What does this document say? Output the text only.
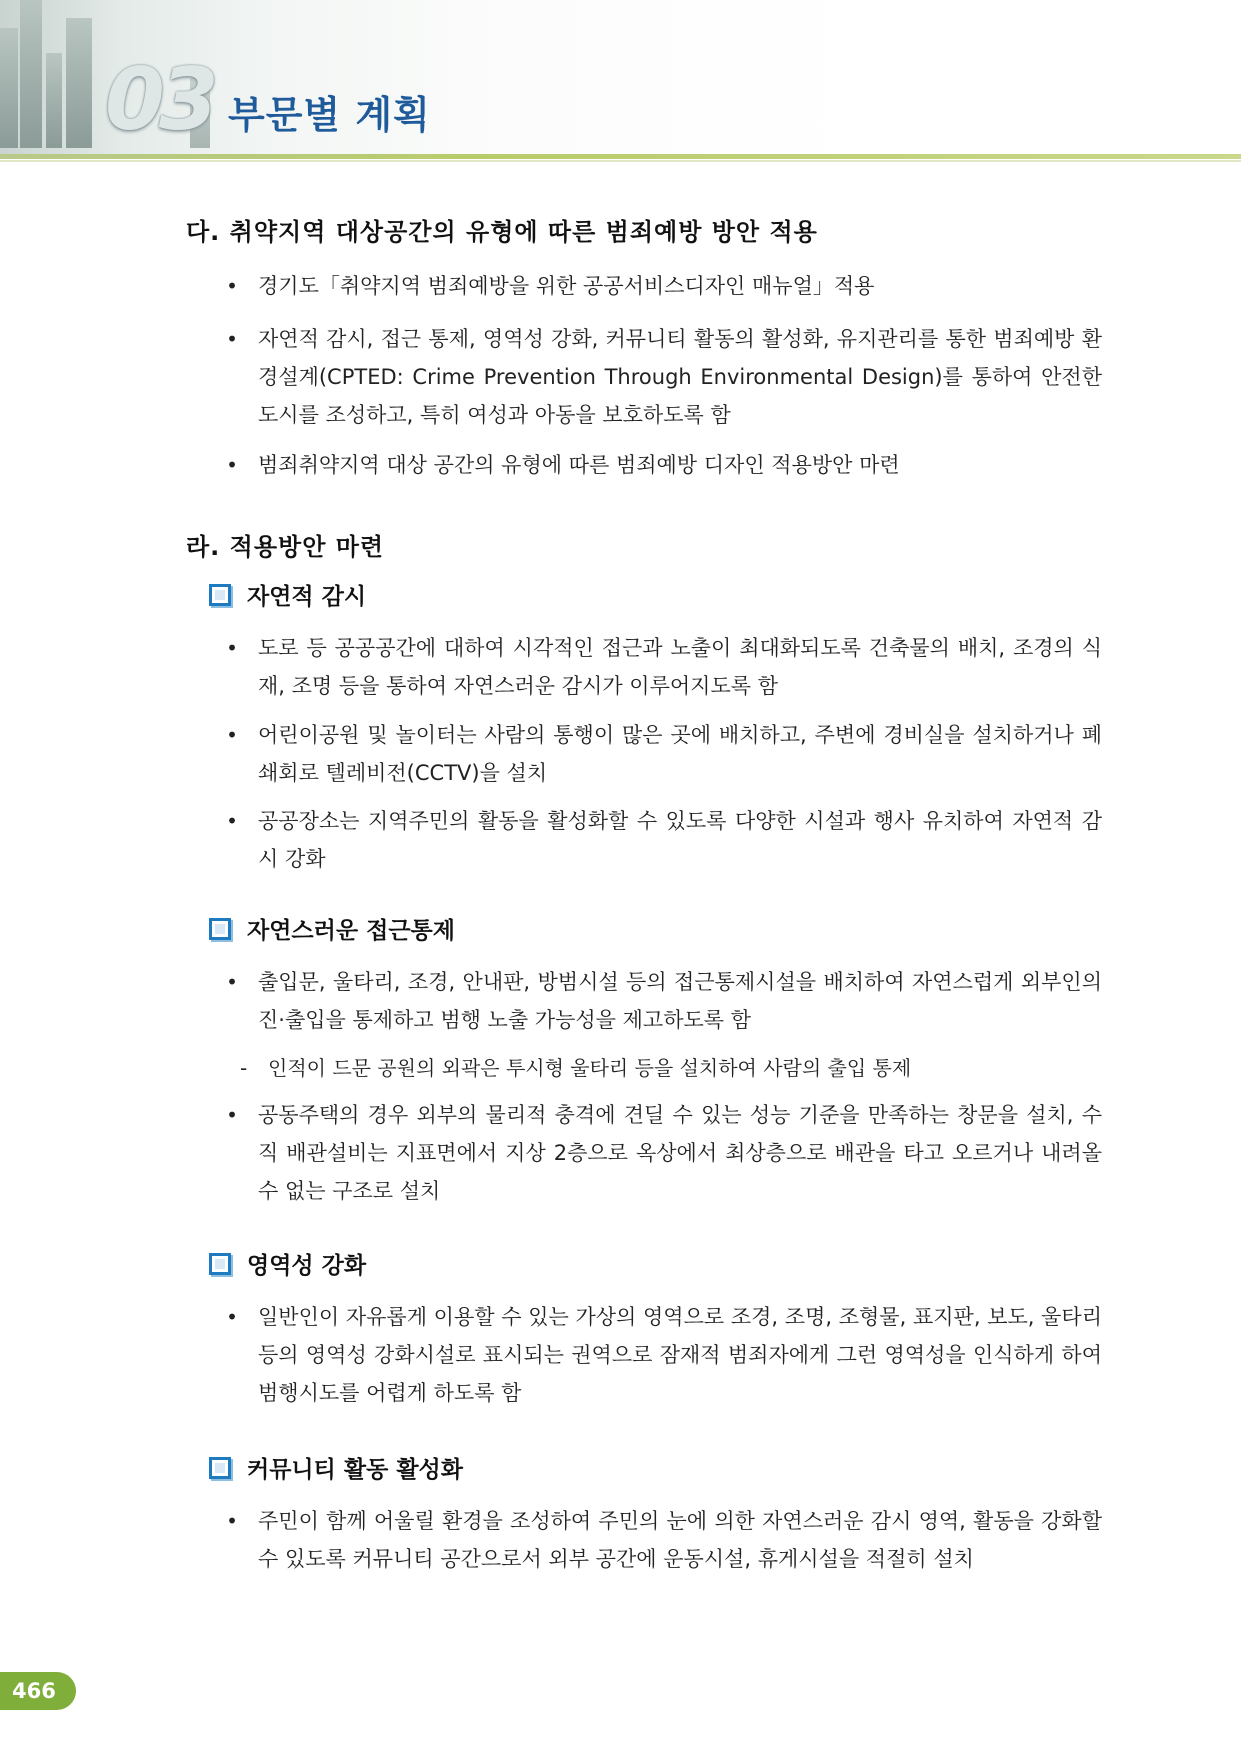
03 부문별 계획
다. 취약지역 대상공간의 유형에 따른 범죄예방 방안 적용
• 경기도「취약지역 범죄예방을 위한 공공서비스디자인 매뉴얼」적용
• 자연적 감시, 접근 통제, 영역성 강화, 커뮤니티 활동의 활성화, 유지관리를 통한 범죄예방 환경설계(CPTED: Crime Prevention Through Environmental Design)를 통하여 안전한 도시를 조성하고, 특히 여성과 아동을 보호하도록 함
• 범죄취약지역 대상 공간의 유형에 따른 범죄예방 디자인 적용방안 마련
라. 적용방안 마련
자연적 감시
• 도로 등 공공공간에 대하여 시각적인 접근과 노출이 최대화되도록 건축물의 배치, 조경의 식재, 조명 등을 통하여 자연스러운 감시가 이루어지도록 함
• 어린이공원 및 놀이터는 사람의 통행이 많은 곳에 배치하고, 주변에 경비실을 설치하거나 폐쇄회로 텔레비전(CCTV)을 설치
• 공공장소는 지역주민의 활동을 활성화할 수 있도록 다양한 시설과 행사 유치하여 자연적 감시 강화
자연스러운 접근통제
• 출입문, 울타리, 조경, 안내판, 방범시설 등의 접근통제시설을 배치하여 자연스럽게 외부인의 진·출입을 통제하고 범행 노출 가능성을 제고하도록 함
- 인적이 드문 공원의 외곽은 투시형 울타리 등을 설치하여 사람의 출입 통제
• 공동주택의 경우 외부의 물리적 충격에 견딜 수 있는 성능 기준을 만족하는 창문을 설치, 수직 배관설비는 지표면에서 지상 2층으로 옥상에서 최상층으로 배관을 타고 오르거나 내려올 수 없는 구조로 설치
영역성 강화
• 일반인이 자유롭게 이용할 수 있는 가상의 영역으로 조경, 조명, 조형물, 표지판, 보도, 울타리 등의 영역성 강화시설로 표시되는 권역으로 잠재적 범죄자에게 그런 영역성을 인식하게 하여 범행시도를 어렵게 하도록 함
커뮤니티 활동 활성화
• 주민이 함께 어울릴 환경을 조성하여 주민의 눈에 의한 자연스러운 감시 영역, 활동을 강화할 수 있도록 커뮤니티 공간으로서 외부 공간에 운동시설, 휴게시설을 적절히 설치
466
